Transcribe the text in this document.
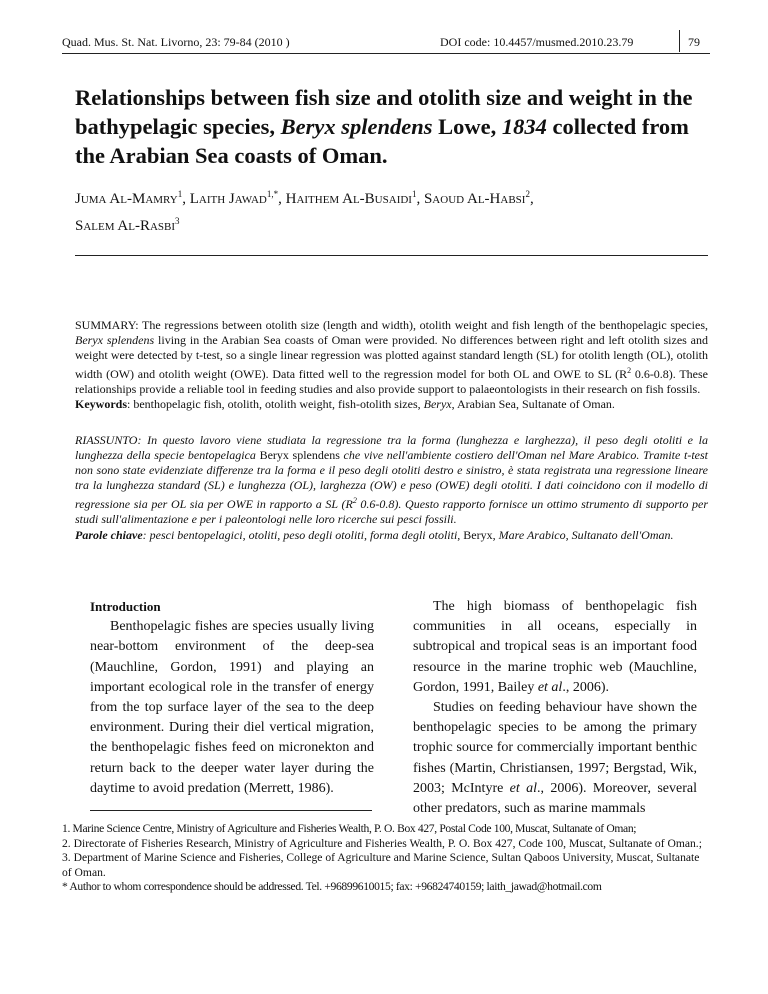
Quad. Mus. St. Nat. Livorno, 23: 79-84 (2010 )	DOI code: 10.4457/musmed.2010.23.79	79
Relationships between fish size and otolith size and weight in the bathypelagic species, Beryx splendens Lowe, 1834 collected from the Arabian Sea coasts of Oman.
Juma Al-Mamry$^1$, Laith Jawad$^{1,*}$, Haithem Al-Busaidi$^1$, Saoud Al-Habsi$^2$,
Salem Al-Rasbi$^3$
SUMMARY: The regressions between otolith size (length and width), otolith weight and fish length of the benthopelagic species, Beryx splendens living in the Arabian Sea coasts of Oman were provided. No differences between right and left otolith sizes and weight were detected by t-test, so a single linear regression was plotted against standard length (SL) for otolith length (OL), otolith width (OW) and otolith weight (OWE). Data fitted well to the regression model for both OL and OWE to SL ($R^2$ 0.6-0.8). These relationships provide a reliable tool in feeding studies and also provide support to palaeontologists in their research on fish fossils.
Keywords: benthopelagic fish, otolith, otolith weight, fish-otolith sizes, Beryx, Arabian Sea, Sultanate of Oman.
RIASSUNTO: In questo lavoro viene studiata la regressione tra la forma (lunghezza e larghezza), il peso degli otoliti e la lunghezza della specie bentopelagica Beryx splendens che vive nell'ambiente costiero dell'Oman nel Mare Arabico. Tramite t-test non sono state evidenziate differenze tra la forma e il peso degli otoliti destro e sinistro, è stata registrata una regressione lineare tra la lunghezza standard (SL) e lunghezza (OL), larghezza (OW) e peso (OWE) degli otoliti. I dati coincidono con il modello di regressione sia per OL sia per OWE in rapporto a SL ($R^2$ 0.6-0.8). Questo rapporto fornisce un ottimo strumento di supporto per studi sull'alimentazione e per i paleontologi nelle loro ricerche sui pesci fossili.
Parole chiave: pesci bentopelagici, otoliti, peso degli otoliti, forma degli otoliti, Beryx, Mare Arabico, Sultanato dell'Oman.

Introduction

Benthopelagic fishes are species usually living near-bottom environment of the deep-sea (Mauchline, Gordon, 1991) and playing an important ecological role in the transfer of energy from the top surface layer of the sea to the deep environment. During their diel vertical migration, the benthopelagic fishes feed on micronekton and return back to the deeper water layer during the daytime to avoid predation (Merrett, 1986).

The high biomass of benthopelagic fish communities in all oceans, especially in subtropical and tropical seas is an important food resource in the marine trophic web (Mauchline, Gordon, 1991, Bailey et al., 2006).

Studies on feeding behaviour have shown the benthopelagic species to be among the primary trophic source for commercially important benthic fishes (Martin, Christiansen, 1997; Bergstad, Wik, 2003; McIntyre et al., 2006). Moreover, several other predators, such as marine mammals

1. Marine Science Centre, Ministry of Agriculture and Fisheries Wealth, P. O. Box 427, Postal Code 100, Muscat, Sultanate of Oman;
2. Directorate of Fisheries Research, Ministry of Agriculture and Fisheries Wealth, P. O. Box 427, Code 100, Muscat, Sultanate of Oman.;
3. Department of Marine Science and Fisheries, College of Agriculture and Marine Science, Sultan Qaboos University, Muscat, Sultanate of Oman.
* Author to whom correspondence should be addressed. Tel. +96899610015; fax: +96824740159; laith_jawad@hotmail.com
